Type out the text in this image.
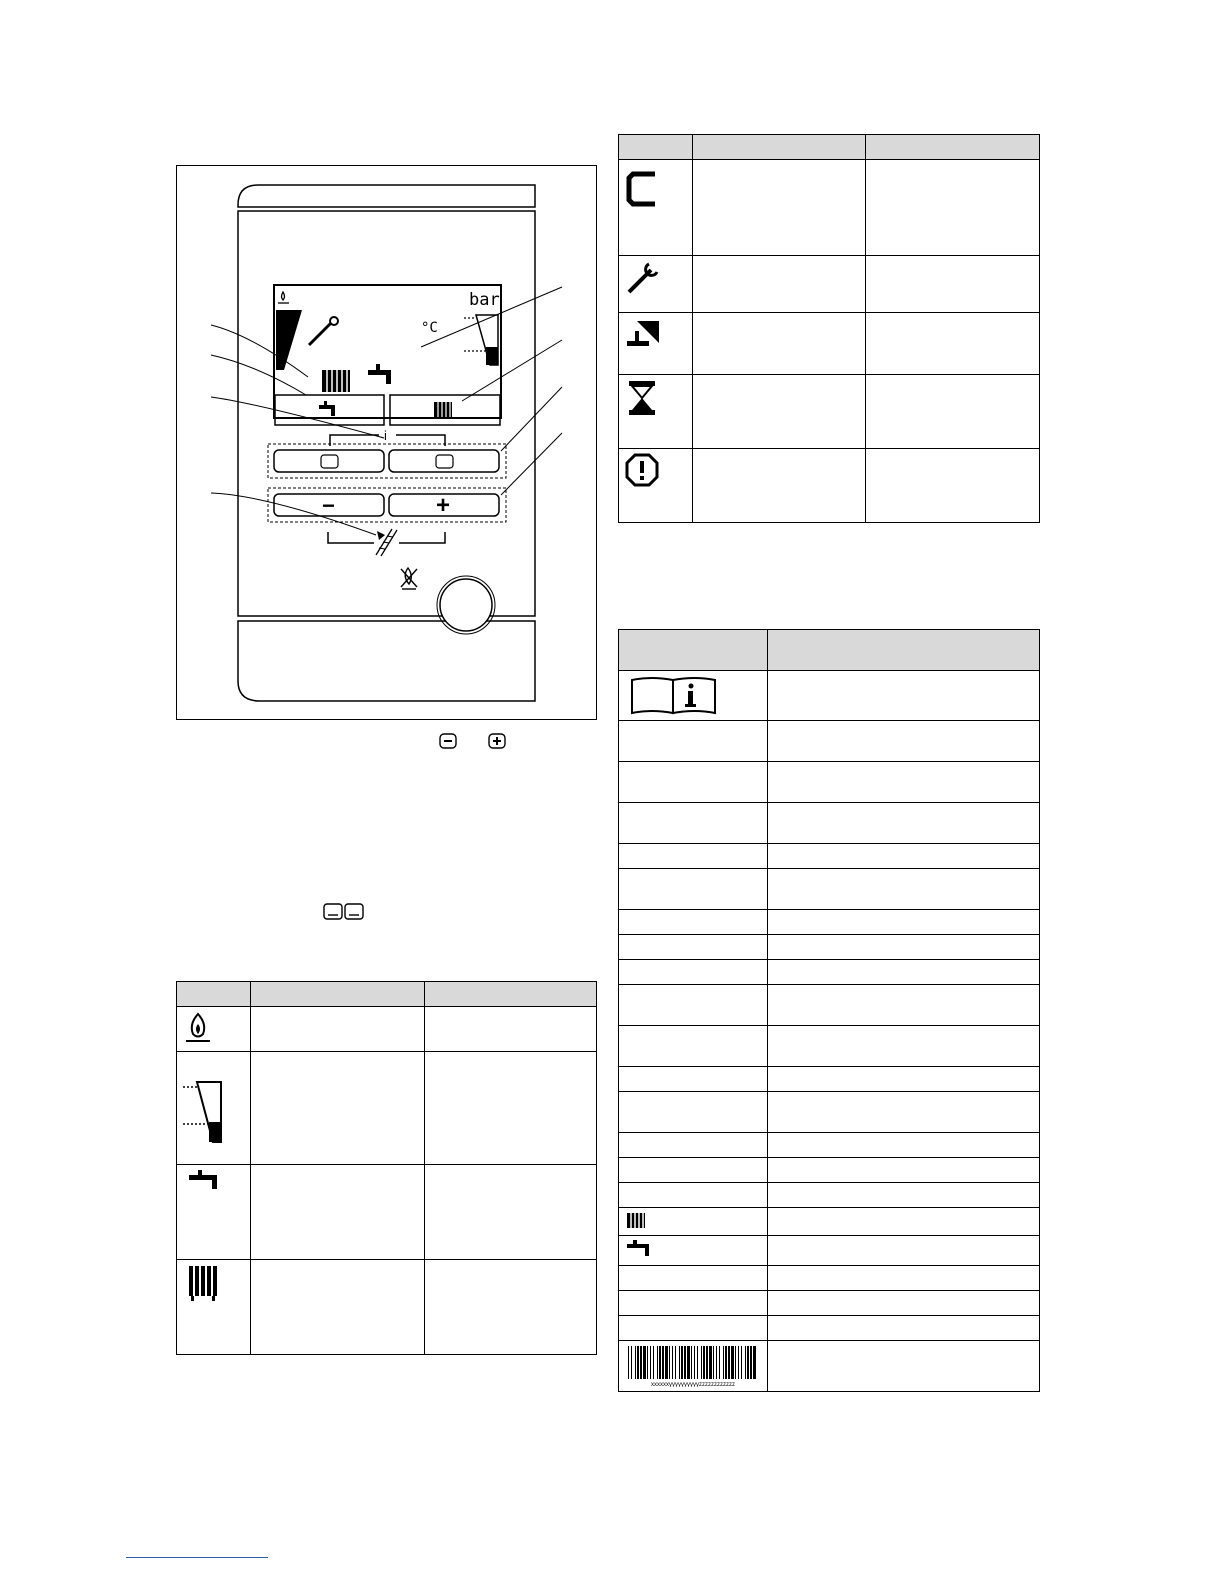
°C
bar
i
−	+

xxxxxxyyyyyyyyyyzzzzzzzzzzzz	
